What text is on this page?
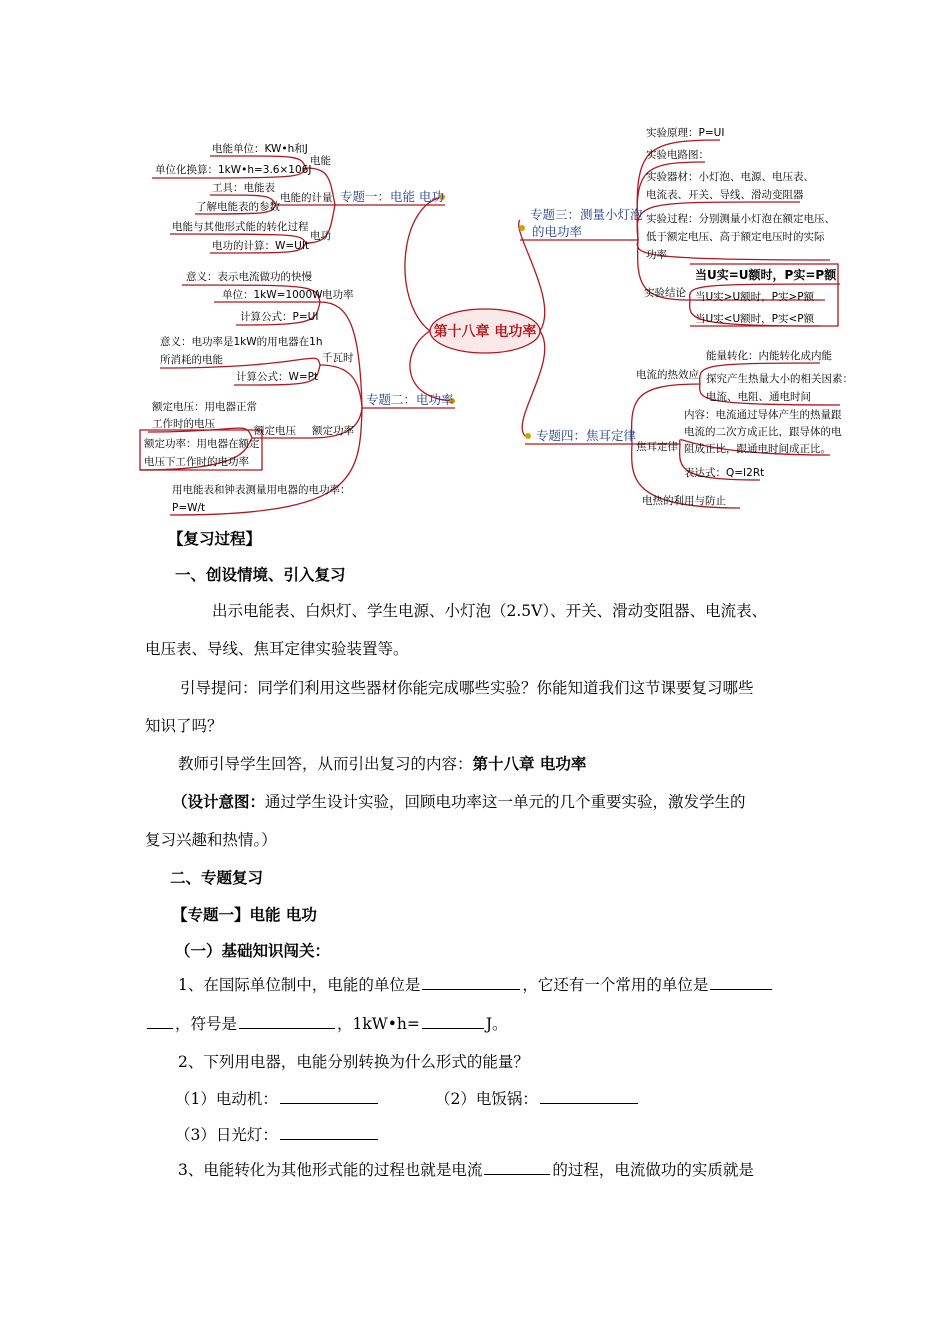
第十八章 电功率
专题一：电能 电功
专题二：电功率
专题三：测量小灯泡
的电功率
专题四：焦耳定律
电能单位：KW•h和J
单位化换算：1kW•h=3.6×106J
电能
工具：电能表
了解电能表的参数
电能的计量
电能与其他形式能的转化过程
电功的计算：W=UIt
电功
意义：表示电流做功的快慢
单位：1kW=1000W 电功率
计算公式：P=UI
意义：电功率是1kW的用电器在1h
所消耗的电能	千瓦时
计算公式：W=Pt
额定电压：用电器正常
工作时的电压
额定电压 额定功率
额定功率：用电器在额定
电压下工作时的电功率
用电能表和钟表测量用电器的电功率：
P=W/t
实验原理：P=UI
实验电路图：
实验器材：小灯泡、电源、电压表、
电流表、开关、导线、滑动变阻器
实验过程：分别测量小灯泡在额定电压、
低于额定电压、高于额定电压时的实际
功率
实验结论
当U实=U额时，P实=P额
当U实>U额时，P实>P额
当U实<U额时，P实<P额
电流的热效应
能量转化：内能转化成内能
探究产生热量大小的相关因素：
电流、电阻、通电时间
焦耳定律
内容：电流通过导体产生的热量跟
电流的二次方成正比，跟导体的电
阻成正比，跟通电时间成正比。
表达式：Q=I2Rt
电热的利用与防止
【复习过程】
一、创设情境、引入复习
出示电能表、白炽灯、学生电源、小灯泡（2.5V）、开关、滑动变阻器、电流表、
电压表、导线、焦耳定律实验装置等。
引导提问：同学们利用这些器材你能完成哪些实验？你能知道我们这节课要复习哪些
知识了吗？
教师引导学生回答，从而引出复习的内容：第十八章 电功率
（设计意图：通过学生设计实验，回顾电功率这一单元的几个重要实验，激发学生的
复习兴趣和热情。）
二、专题复习
【专题一】电能 电功
（一）基础知识闯关：
1、在国际单位制中，电能的单位是	，它还有一个常用的单位是
，符号是	，1kW•h=	J。
2、下列用电器，电能分别转换为什么形式的能量？
（1）电动机：	（2）电饭锅：
（3）日光灯：
3、电能转化为其他形式能的过程也就是电流	的过程，电流做功的实质就是
